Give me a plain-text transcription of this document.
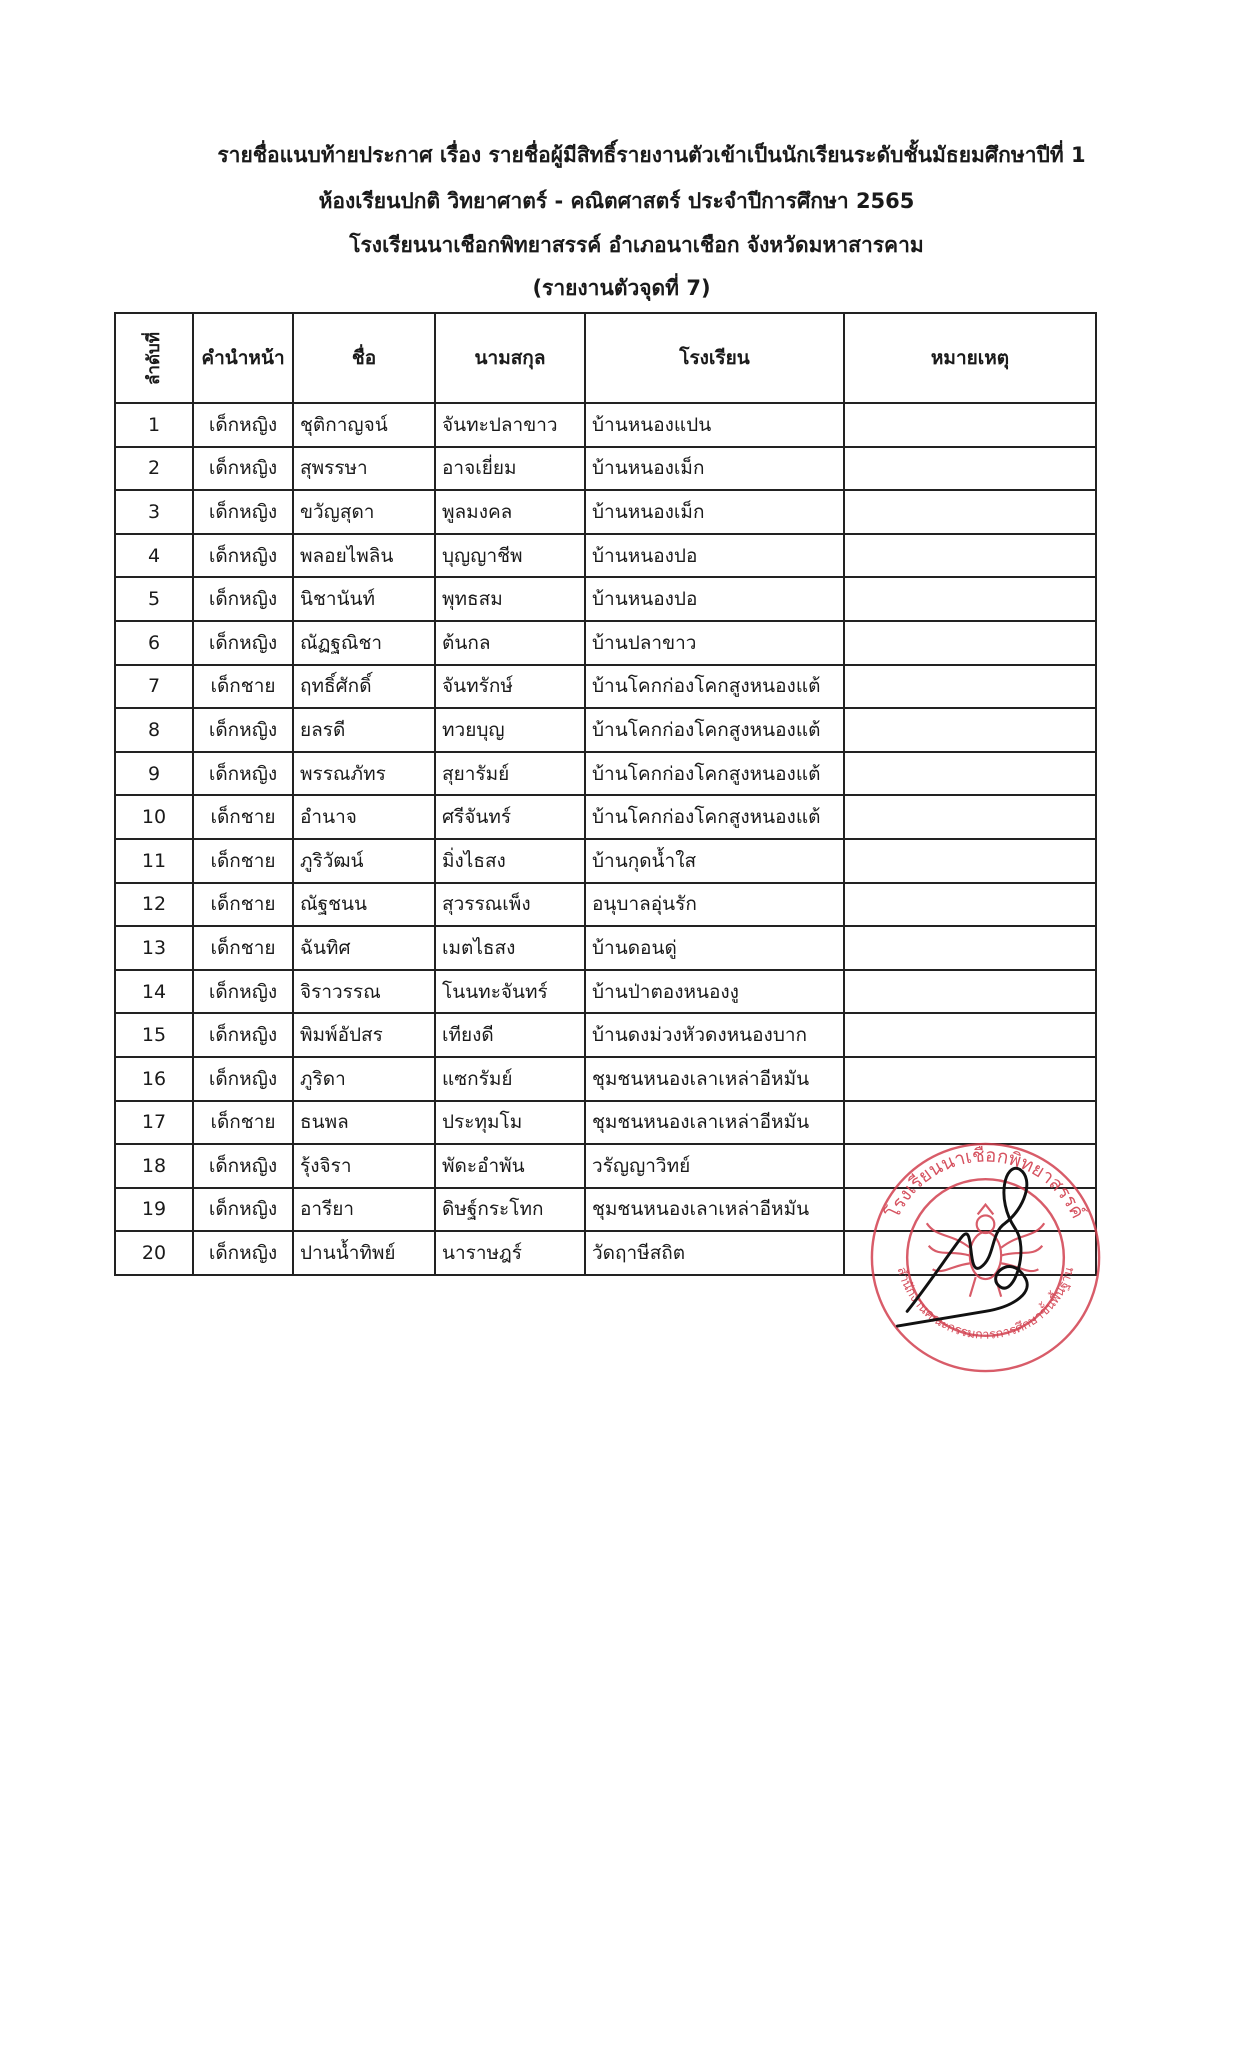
รายชื่อแนบท้ายประกาศ เรื่อง รายชื่อผู้มีสิทธิ์รายงานตัวเข้าเป็นนักเรียนระดับชั้นมัธยมศึกษาปีที่ 1
ห้องเรียนปกติ วิทยาศาตร์ - คณิตศาสตร์ ประจำปีการศึกษา 2565
โรงเรียนนาเชือกพิทยาสรรค์ อำเภอนาเชือก จังหวัดมหาสารคาม
(รายงานตัวจุดที่ 7)
ลำดับที่	คำนำหน้า	ชื่อ	นามสกุล	โรงเรียน	หมายเหตุ
1	เด็กหญิง	ชุติกาญจน์	จันทะปลาขาว	บ้านหนองแปน	
2	เด็กหญิง	สุพรรษา	อาจเยี่ยม	บ้านหนองเม็ก	
3	เด็กหญิง	ขวัญสุดา	พูลมงคล	บ้านหนองเม็ก	
4	เด็กหญิง	พลอยไพลิน	บุญญาชีพ	บ้านหนองปอ	
5	เด็กหญิง	นิชานันท์	พุทธสม	บ้านหนองปอ	
6	เด็กหญิง	ณัฏฐณิชา	ต้นกล	บ้านปลาขาว	
7	เด็กชาย	ฤทธิ์ศักดิ์	จันทรักษ์	บ้านโคกก่องโคกสูงหนองแต้	
8	เด็กหญิง	ยลรดี	ทวยบุญ	บ้านโคกก่องโคกสูงหนองแต้	
9	เด็กหญิง	พรรณภัทร	สุยารัมย์	บ้านโคกก่องโคกสูงหนองแต้	
10	เด็กชาย	อำนาจ	ศรีจันทร์	บ้านโคกก่องโคกสูงหนองแต้	
11	เด็กชาย	ภูริวัฒน์	มิ่งไธสง	บ้านกุดน้ำใส	
12	เด็กชาย	ณัฐชนน	สุวรรณเพ็ง	อนุบาลอุ่นรัก	
13	เด็กชาย	ฉันทิศ	เมตไธสง	บ้านดอนดู่	
14	เด็กหญิง	จิราวรรณ	โนนทะจันทร์	บ้านป่าตองหนองงู	
15	เด็กหญิง	พิมพ์อัปสร	เทียงดี	บ้านดงม่วงหัวดงหนองบาก	
16	เด็กหญิง	ภูริดา	แซกรัมย์	ชุมชนหนองเลาเหล่าอีหมัน	
17	เด็กชาย	ธนพล	ประทุมโม	ชุมชนหนองเลาเหล่าอีหมัน	
18	เด็กหญิง	รุ้งจิรา	พัดะอำพัน	วรัญญาวิทย์	
19	เด็กหญิง	อารียา	ดิษฐ์กระโทก	ชุมชนหนองเลาเหล่าอีหมัน	
20	เด็กหญิง	ปานน้ำทิพย์	นาราษฎร์	วัดฤาษีสถิต	
โรงเรียนนาเชือกพิทยาสรรค์
สำนักงานคณะกรรมการการศึกษาขั้นพื้นฐาน
